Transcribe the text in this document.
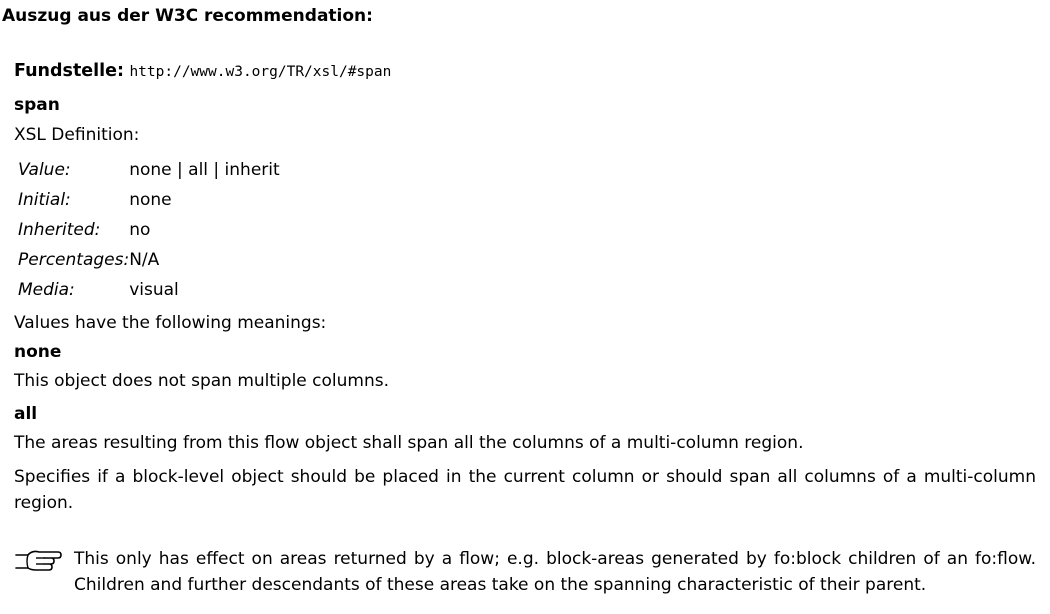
Auszug aus der W3C recommendation:
Fundstelle: http://www.w3.org/TR/xsl/#span
span
XSL Definition:
Value:	none | all | inherit
Initial:	none
Inherited:	no
Percentages:	N/A
Media:	visual
Values have the following meanings:
none
This object does not span multiple columns.
all
The areas resulting from this flow object shall span all the columns of a multi-column region.
Specifies if a block-level object should be placed in the current column or should span all columns of a multi-column region.
This only has effect on areas returned by a flow; e.g. block-areas generated by fo:block children of an fo:flow. Children and further descendants of these areas take on the spanning characteristic of their parent.
